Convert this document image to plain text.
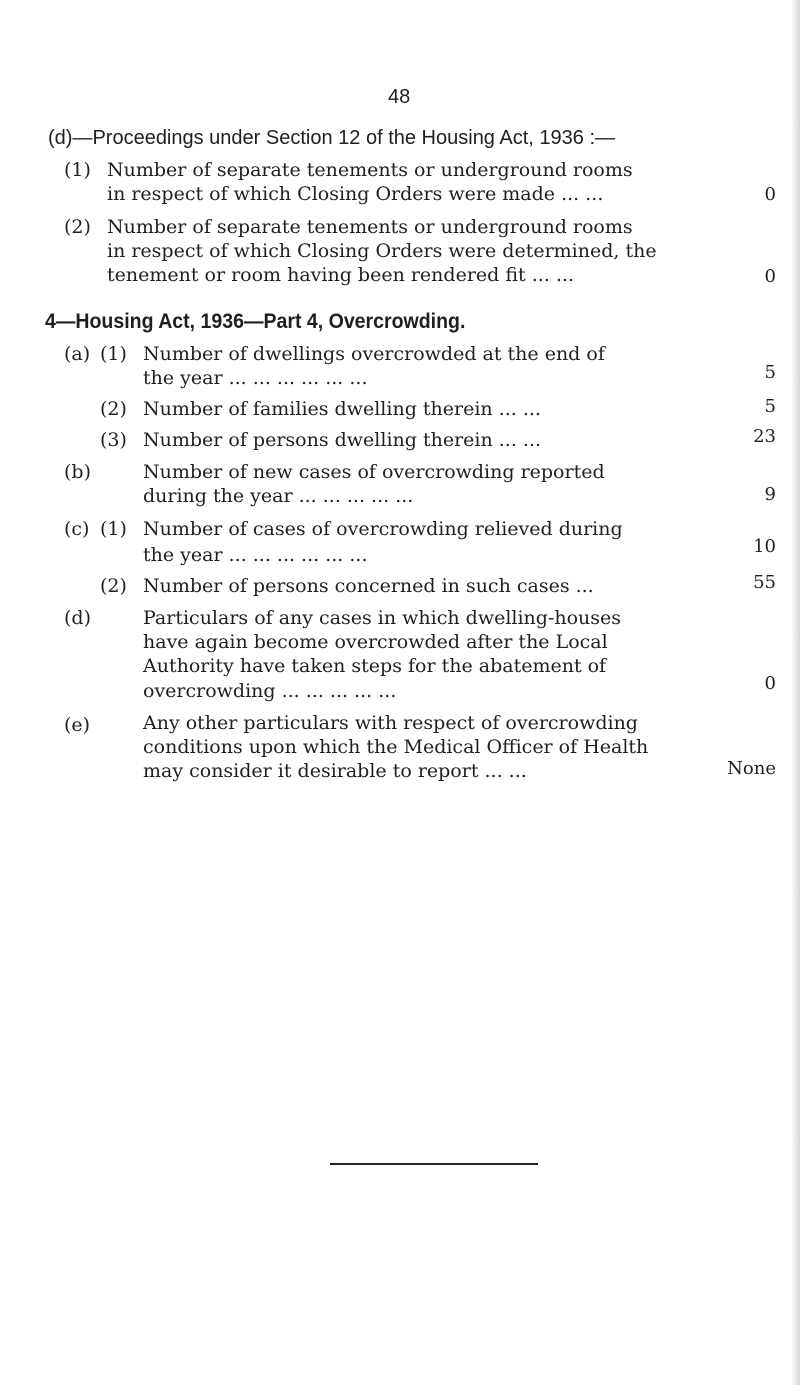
48
(d)—Proceedings under Section 12 of the Housing Act, 1936 :—
(1) Number of separate tenements or underground rooms
in respect of which Closing Orders were made ... ...	0
(2) Number of separate tenements or underground rooms
in respect of which Closing Orders were determined, the
tenement or room having been rendered fit ... ...	0
4—Housing Act, 1936—Part 4, Overcrowding.
(a) (1) Number of dwellings overcrowded at the end of
the year ... ... ... ... ... ...	5
(2) Number of families dwelling therein ... ...	5
(3) Number of persons dwelling therein ... ...	23
(b)	Number of new cases of overcrowding reported
during the year ... ... ... ... ...	9
(c) (1) Number of cases of overcrowding relieved during
the year ... ... ... ... ... ...	10
(2) Number of persons concerned in such cases ...	55
(d)	Particulars of any cases in which dwelling-houses
have again become overcrowded after the Local
Authority have taken steps for the abatement of
overcrowding ... ... ... ... ...	0
(e)	Any other particulars with respect of overcrowding
conditions upon which the Medical Officer of Health
may consider it desirable to report ... ...	None
